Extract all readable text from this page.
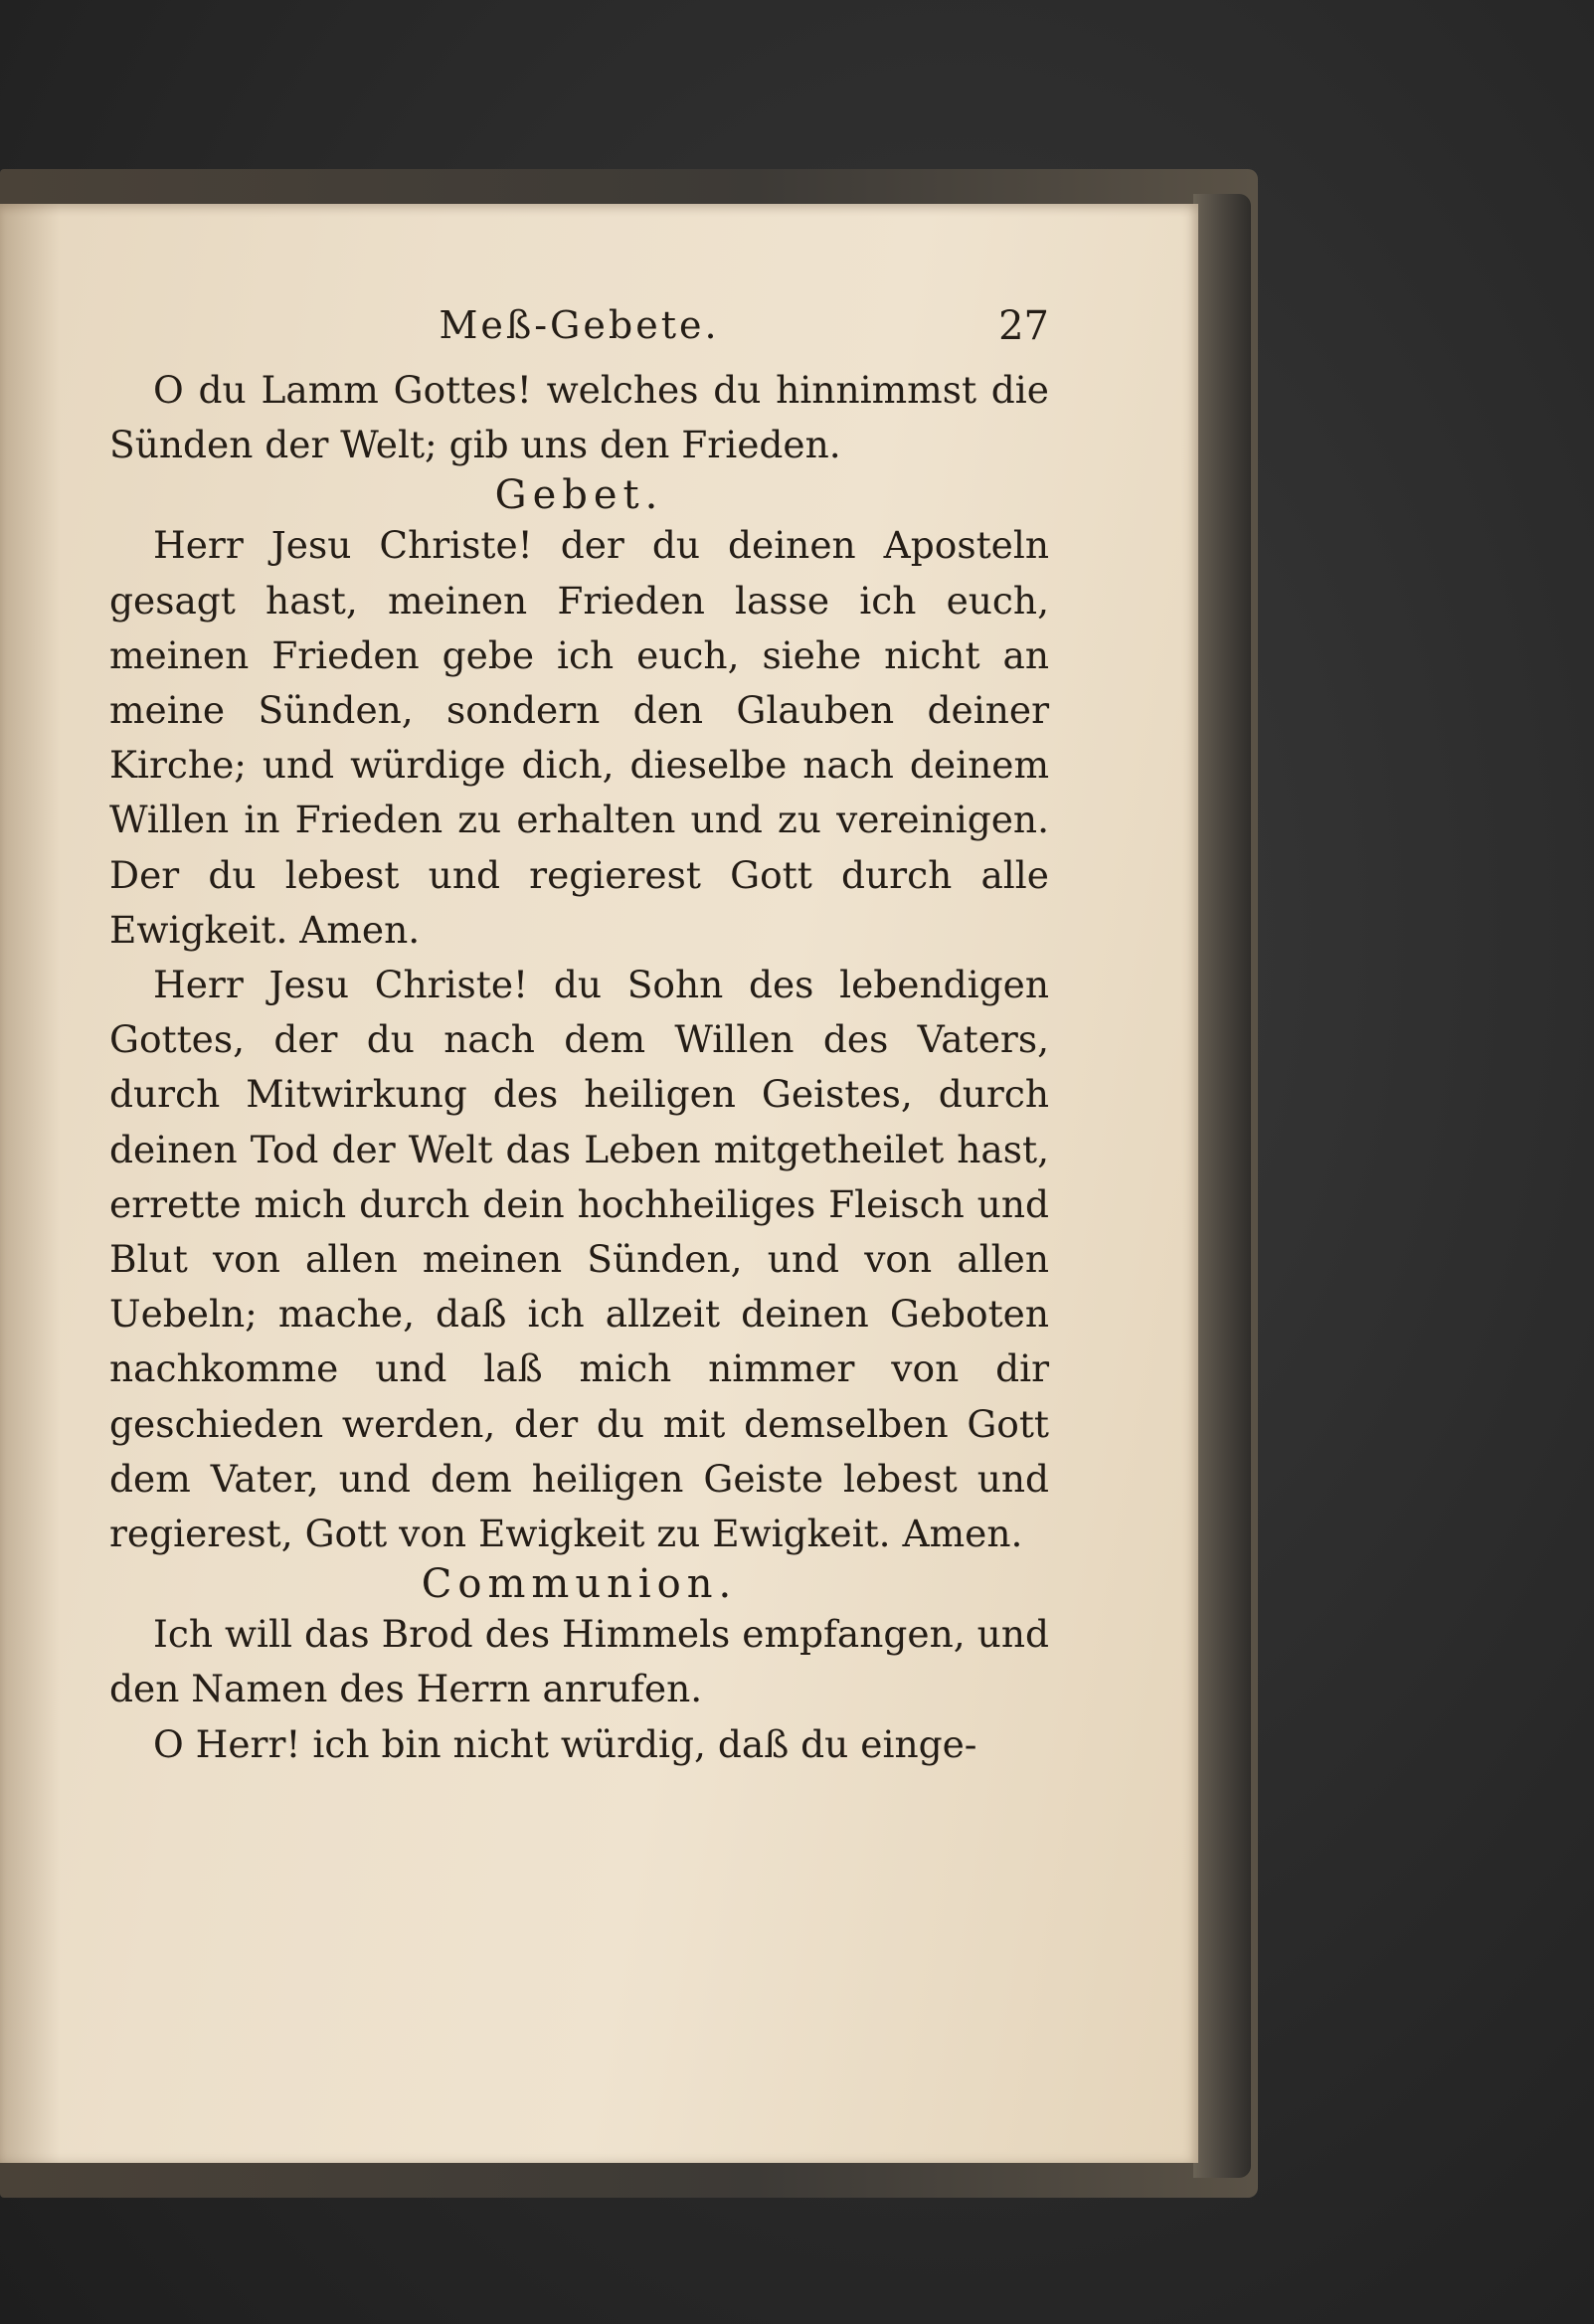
Meß-Gebete.	27

O du Lamm Gottes! welches du hinnimmst die Sünden der Welt; gib uns den Frieden.

Gebet.

Herr Jesu Christe! der du deinen Aposteln gesagt hast, meinen Frieden lasse ich euch, meinen Frieden gebe ich euch, siehe nicht an meine Sünden, sondern den Glauben deiner Kirche; und würdige dich, dieselbe nach deinem Willen in Frieden zu erhalten und zu vereinigen. Der du lebest und regierest Gott durch alle Ewigkeit. Amen.

Herr Jesu Christe! du Sohn des lebendigen Gottes, der du nach dem Willen des Vaters, durch Mitwirkung des heiligen Geistes, durch deinen Tod der Welt das Leben mitgetheilet hast, errette mich durch dein hochheiliges Fleisch und Blut von allen meinen Sünden, und von allen Uebeln; mache, daß ich allzeit deinen Geboten nachkomme und laß mich nimmer von dir geschieden werden, der du mit demselben Gott dem Vater, und dem heiligen Geiste lebest und regierest, Gott von Ewigkeit zu Ewigkeit. Amen.

Communion.

Ich will das Brod des Himmels empfangen, und den Namen des Herrn anrufen.

O Herr! ich bin nicht würdig, daß du einge-
